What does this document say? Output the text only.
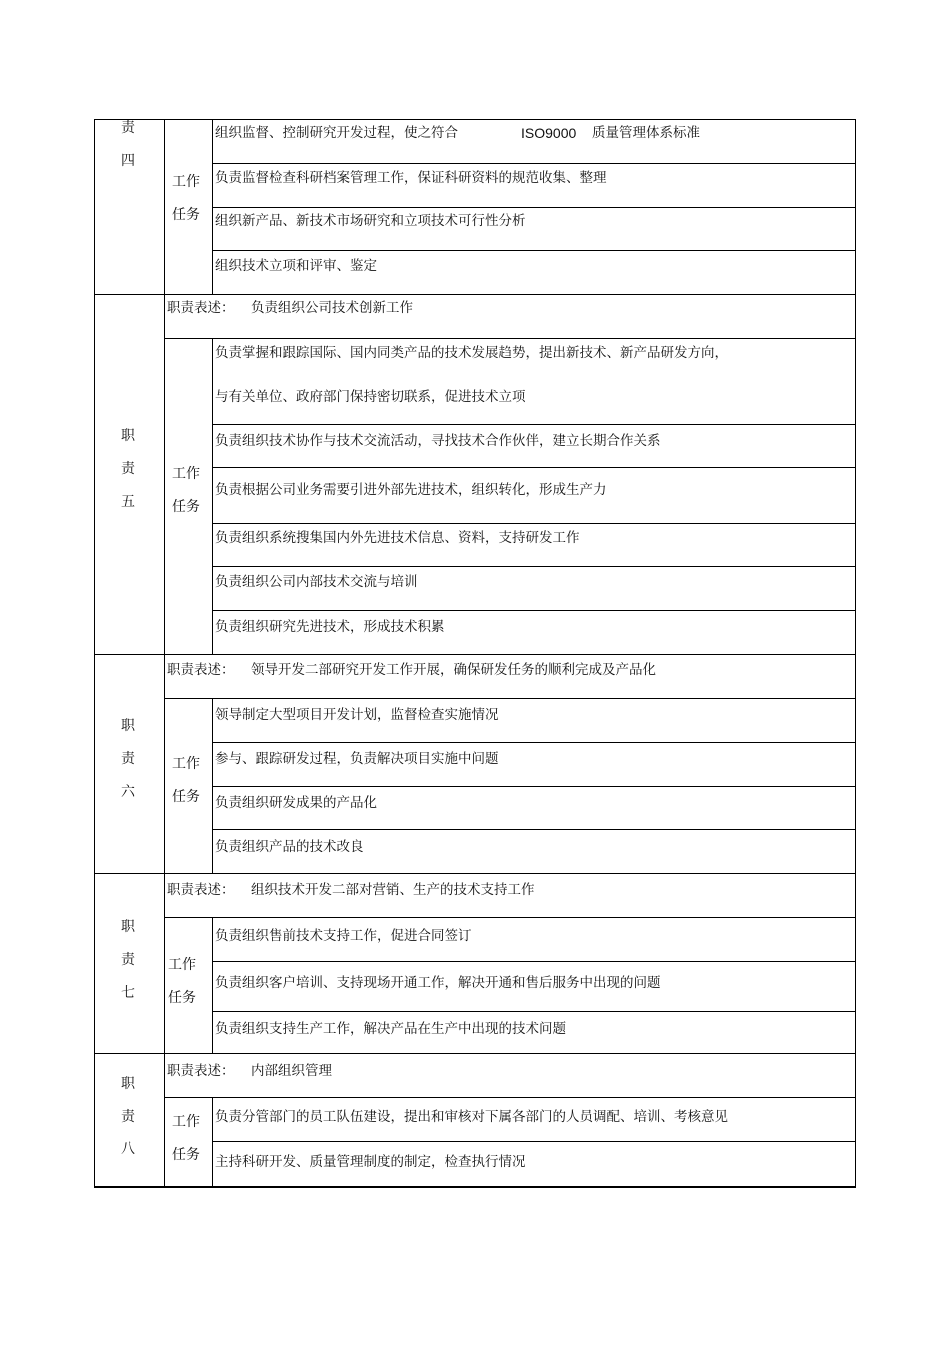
责
四
工作
任务
组织监督、控制研究开发过程，使之符合	ISO9000 质量管理体系标准
负责监督检查科研档案管理工作，保证科研资料的规范收集、整理
组织新产品、新技术市场研究和立项技术可行性分析
组织技术立项和评审、鉴定
职责表述： 负责组织公司技术创新工作
职
责
五
工作
任务
负责掌握和跟踪国际、国内同类产品的技术发展趋势，提出新技术、新产品研发方向，
与有关单位、政府部门保持密切联系，促进技术立项
负责组织技术协作与技术交流活动，寻找技术合作伙伴，建立长期合作关系
负责根据公司业务需要引进外部先进技术，组织转化，形成生产力
负责组织系统搜集国内外先进技术信息、资料，支持研发工作
负责组织公司内部技术交流与培训
负责组织研究先进技术，形成技术积累
职责表述： 领导开发二部研究开发工作开展，确保研发任务的顺利完成及产品化
职
责
六
工作
任务
领导制定大型项目开发计划，监督检查实施情况
参与、跟踪研发过程，负责解决项目实施中问题
负责组织研发成果的产品化
负责组织产品的技术改良
职责表述： 组织技术开发二部对营销、生产的技术支持工作
职
责
七
工作
任务
负责组织售前技术支持工作，促进合同签订
负责组织客户培训、支持现场开通工作，解决开通和售后服务中出现的问题
负责组织支持生产工作，解决产品在生产中出现的技术问题
职责表述： 内部组织管理
职
责
八
工作
任务
负责分管部门的员工队伍建设，提出和审核对下属各部门的人员调配、培训、考核意见
主持科研开发、质量管理制度的制定，检查执行情况
